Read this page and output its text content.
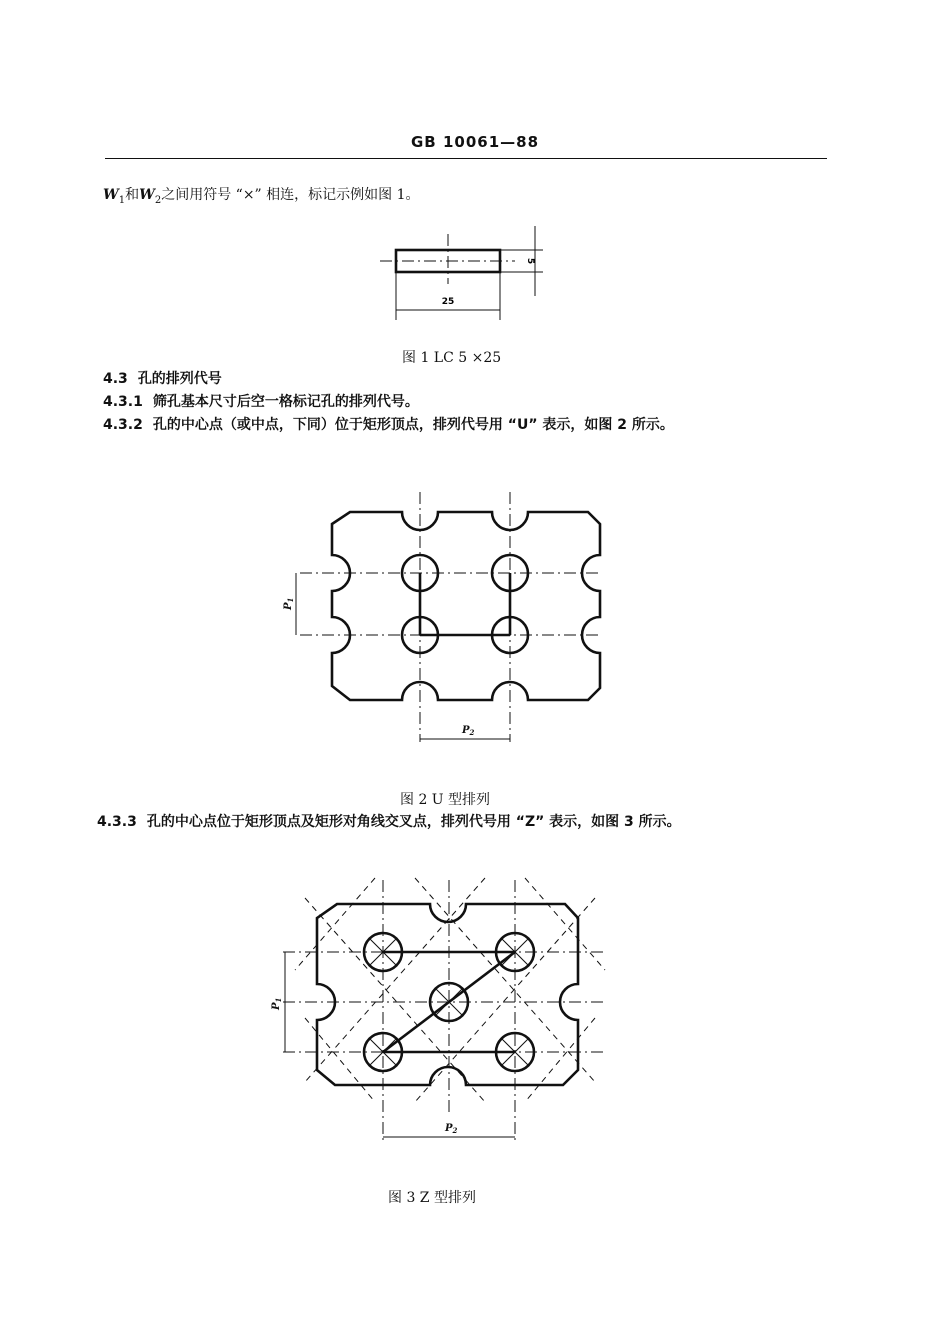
GB 10061—88
$W_1$和$W_2$之间用符号 “×” 相连，标记示例如图 1。
25
5
图 1 LC 5 ×25
4.3 孔的排列代号
4.3.1 筛孔基本尺寸后空一格标记孔的排列代号。
4.3.2 孔的中心点（或中点，下同）位于矩形顶点，排列代号用 “U” 表示，如图 2 所示。
$P_1$
$P_2$
图 2 U 型排列
4.3.3 孔的中心点位于矩形顶点及矩形对角线交叉点，排列代号用 “Z” 表示，如图 3 所示。
$P_1$
$P_2$
图 3 Z 型排列
